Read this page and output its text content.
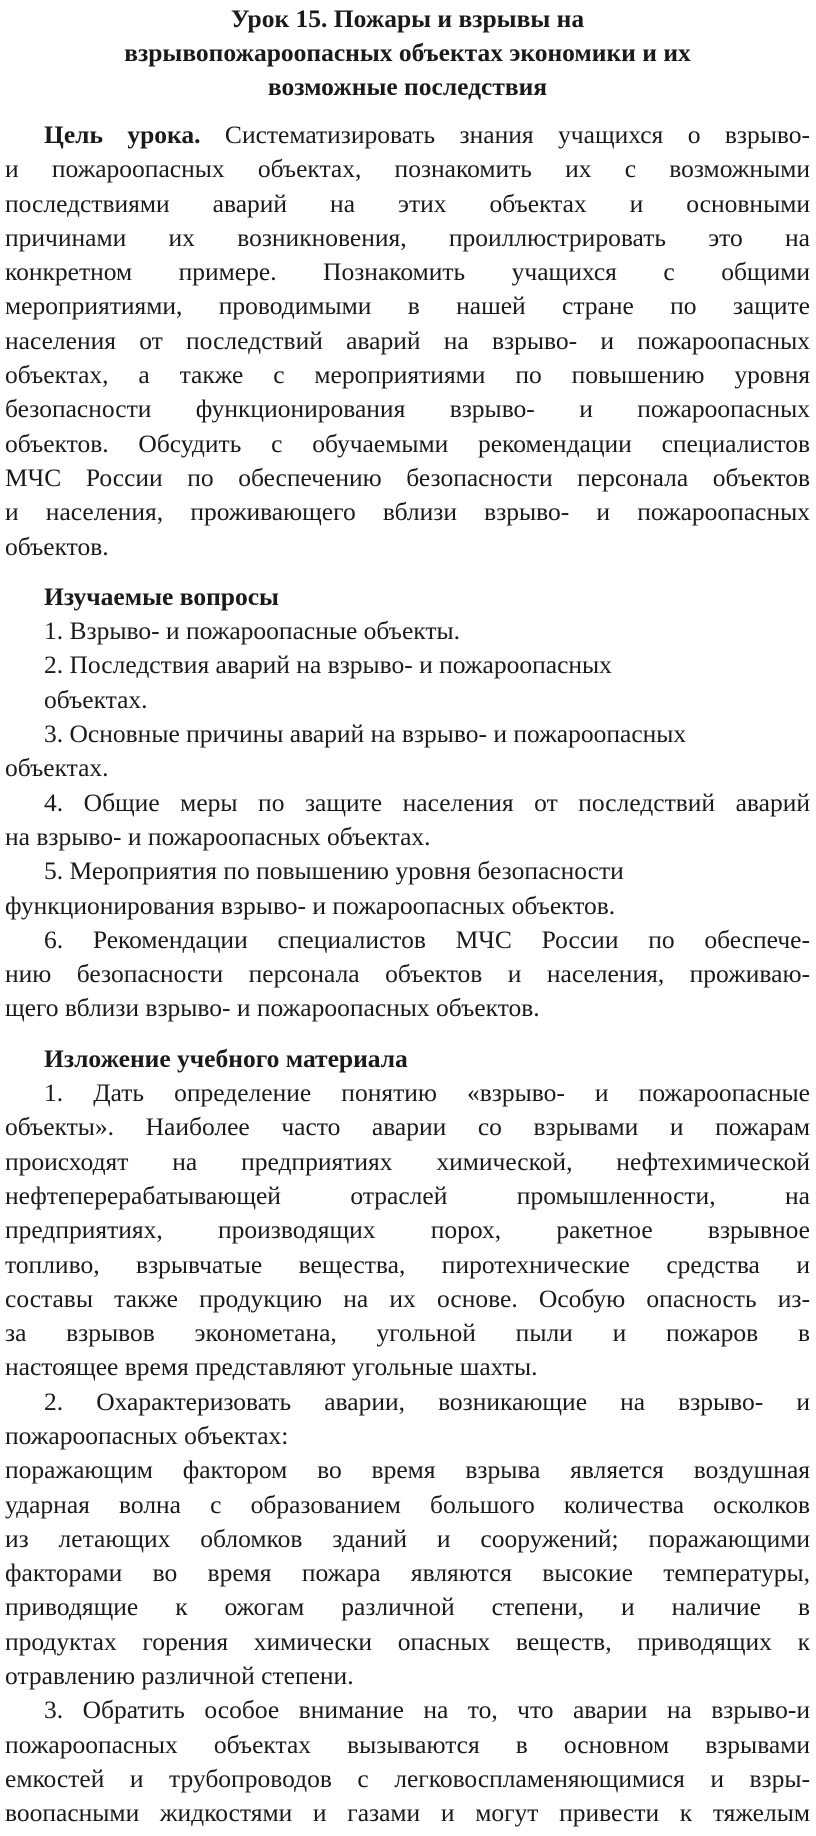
Урок 15. Пожары и взрывы на
взрывопожароопасных объектах экономики и их
возможные последствия
Цель урока. Систематизировать знания учащихся о взрыво-
и пожароопасных объектах, познакомить их с возможными
последствиями аварий на этих объектах и основными
причинами их возникновения, проиллюстрировать это на
конкретном примере. Познакомить учащихся с общими
мероприятиями, проводимыми в нашей стране по защите
населения от последствий аварий на взрыво- и пожароопасных
объектах, а также с мероприятиями по повышению уровня
безопасности функционирования взрыво- и пожароопасных
объектов. Обсудить с обучаемыми рекомендации специалистов
МЧС России по обеспечению безопасности персонала объектов
и населения, проживающего вблизи взрыво- и пожароопасных
объектов.
Изучаемые вопросы
1. Взрыво- и пожароопасные объекты.
2. Последствия аварий на взрыво- и пожароопасных
объектах.
3. Основные причины аварий на взрыво- и пожароопасных
объектах.
4. Общие меры по защите населения от последствий аварий
на взрыво- и пожароопасных объектах.
5. Мероприятия по повышению уровня безопасности
функционирования взрыво- и пожароопасных объектов.
6. Рекомендации специалистов МЧС России по обеспече-
нию безопасности персонала объектов и населения, проживаю-
щего вблизи взрыво- и пожароопасных объектов.
Изложение учебного материала
1. Дать определение понятию «взрыво- и пожароопасные
объекты». Наиболее часто аварии со взрывами и пожарам
происходят на предприятиях химической, нефтехимической
нефтеперерабатывающей отраслей промышленности, на
предприятиях, производящих порох, ракетное взрывное
топливо, взрывчатые вещества, пиротехнические средства и
составы также продукцию на их основе. Особую опасность из-
за взрывов эконометана, угольной пыли и пожаров в
настоящее время представляют угольные шахты.
2. Охарактеризовать аварии, возникающие на взрыво- и
пожароопасных объектах:
поражающим фактором во время взрыва является воздушная
ударная волна с образованием большого количества осколков
из летающих обломков зданий и сооружений; поражающими
факторами во время пожара являются высокие температуры,
приводящие к ожогам различной степени, и наличие в
продуктах горения химически опасных веществ, приводящих к
отравлению различной степени.
3. Обратить особое внимание на то, что аварии на взрыво-и
пожароопасных объектах вызываются в основном взрывами
емкостей и трубопроводов с легковоспламеняющимися и взры-
воопасными жидкостями и газами и могут привести к тяжелым
